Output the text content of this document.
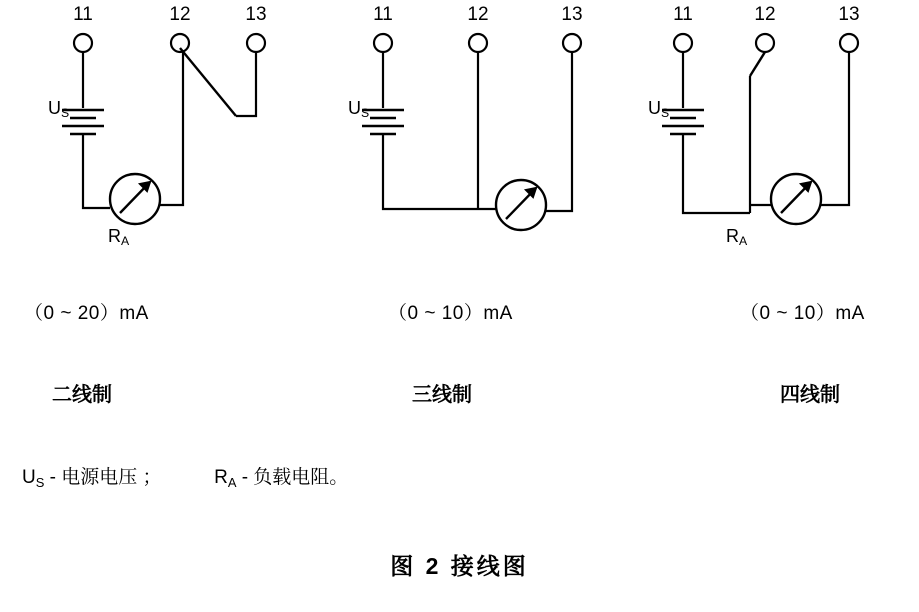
11	12	13
$U_S$
$R_A$
11	12	13
$U_S$
11	12	13
$U_S$
$R_A$
（0 ~ 20）mA	（0 ~ 10）mA	（0 ~ 10）mA
二线制	三线制	四线制
$U_S$ - 电源电压 ；	$R_A$ - 负载电阻。
图 2 接线图
